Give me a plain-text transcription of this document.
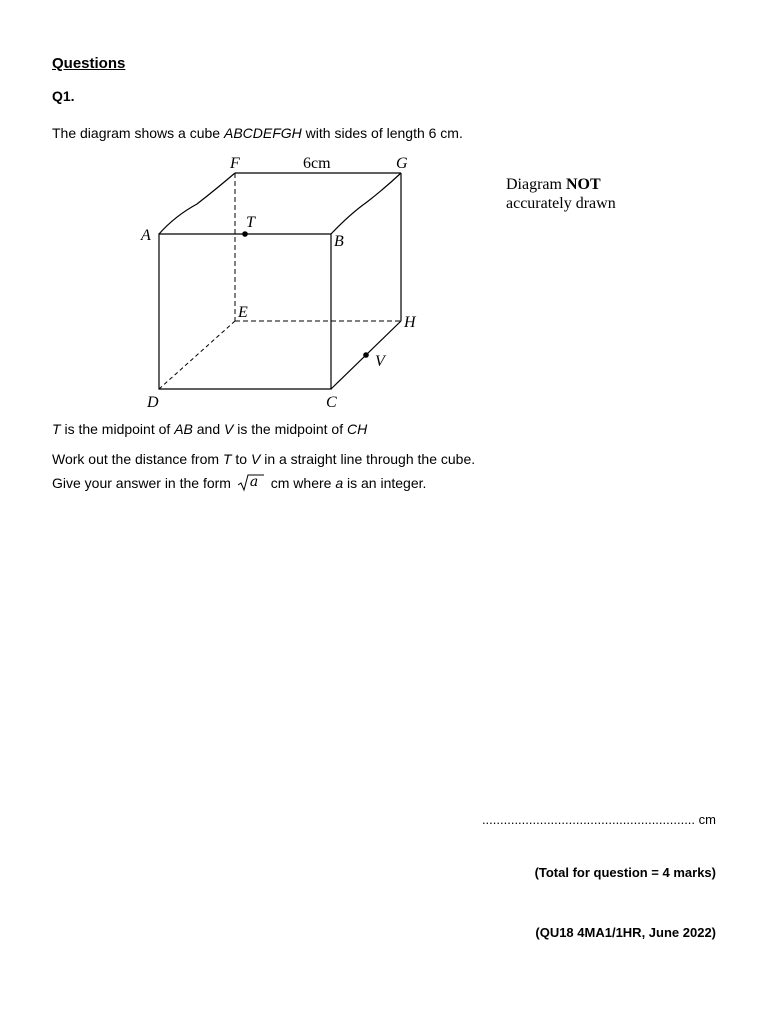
Questions
Q1.
The diagram shows a cube ABCDEFGH with sides of length 6 cm.
F	6cm	G
A
T
B
E
H
V
D	C
Diagram NOT
accurately drawn
T is the midpoint of AB and V is the midpoint of CH
Work out the distance from T to V in a straight line through the cube.
Give your answer in the form a cm where a is an integer.
........................................................... cm
(Total for question = 4 marks)
(QU18 4MA1/1HR, June 2022)
